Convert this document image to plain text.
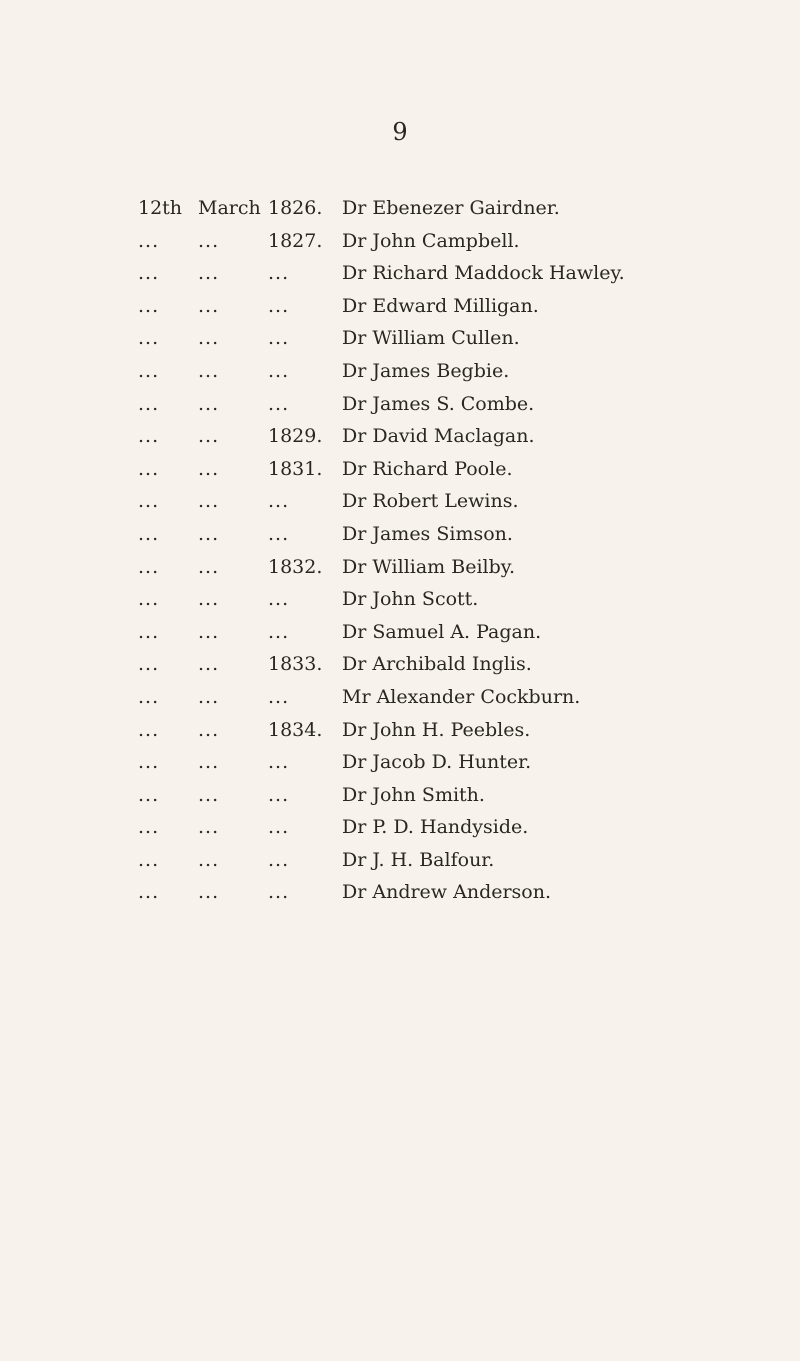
9
12th March 1826. Dr Ebenezer Gairdner.
...	...	1827. Dr John Campbell.
...	...	...	Dr Richard Maddock Hawley.
...	...	...	Dr Edward Milligan.
...	...	...	Dr William Cullen.
...	...	...	Dr James Begbie.
...	...	...	Dr James S. Combe.
...	...	1829. Dr David Maclagan.
...	...	1831. Dr Richard Poole.
...	...	...	Dr Robert Lewins.
...	...	...	Dr James Simson.
...	...	1832. Dr William Beilby.
...	...	...	Dr John Scott.
...	...	...	Dr Samuel A. Pagan.
...	...	1833. Dr Archibald Inglis.
...	...	...	Mr Alexander Cockburn.
...	...	1834. Dr John H. Peebles.
...	...	...	Dr Jacob D. Hunter.
...	...	...	Dr John Smith.
...	...	...	Dr P. D. Handyside.
...	...	...	Dr J. H. Balfour.
...	...	...	Dr Andrew Anderson.
